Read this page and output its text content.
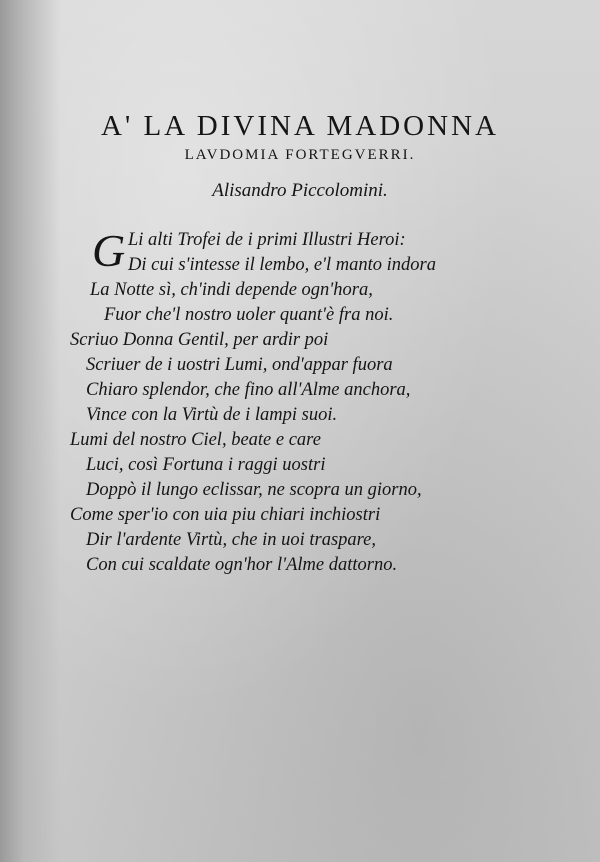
A' LA DIVINA MADONNA
LAVDOMIA FORTEGVERRI.
Alisandro Piccolomini.
G Li alti Trofei de i primi Illustri Heroi:
Di cui s'intesse il lembo, e'l manto indora
La Notte sì, ch'indi depende ogn'hora,
Fuor che'l nostro uoler quant'è fra noi.
Scriuo Donna Gentil, per ardir poi
Scriuer de i uostri Lumi, ond'appar fuora
Chiaro splendor, che fino all'Alme anchora,
Vince con la Virtù de i lampi suoi.
Lumi del nostro Ciel, beate e care
Luci, così Fortuna i raggi uostri
Doppò il lungo eclissar, ne scopra un giorno,
Come sper'io con uia piu chiari inchiostri
Dir l'ardente Virtù, che in uoi traspare,
Con cui scaldate ogn'hor l'Alme dattorno.
